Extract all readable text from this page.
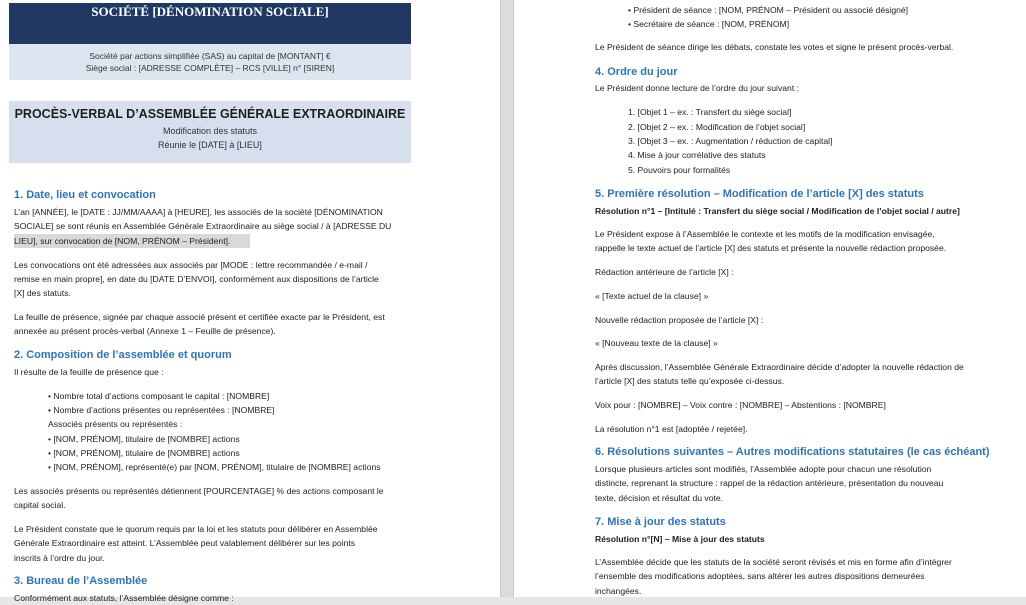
SOCIÉTÉ [DÉNOMINATION SOCIALE]
Société par actions simplifiée (SAS) au capital de [MONTANT] €
Siège social : [ADRESSE COMPLÈTE] – RCS [VILLE] n° [SIREN]
PROCÈS-VERBAL D’ASSEMBLÉE GÉNÉRALE EXTRAORDINAIRE
Modification des statuts
Réunie le [DATE] à [LIEU]
1. Date, lieu et convocation
L’an [ANNÉE], le [DATE : JJ/MM/AAAA] à [HEURE], les associés de la société [DÉNOMINATION
SOCIALE] se sont réunis en Assemblée Générale Extraordinaire au siège social / à [ADRESSE DU
LIEU], sur convocation de [NOM, PRÉNOM – Président].
Les convocations ont été adressées aux associés par [MODE : lettre recommandée / e-mail /
remise en main propre], en date du [DATE D’ENVOI], conformément aux dispositions de l’article
[X] des statuts.
La feuille de présence, signée par chaque associé présent et certifiée exacte par le Président, est
annexée au présent procès-verbal (Annexe 1 – Feuille de présence).
2. Composition de l’assemblée et quorum
Il résulte de la feuille de présence que :
• Nombre total d’actions composant le capital : [NOMBRE]
• Nombre d’actions présentes ou représentées : [NOMBRE]
Associés présents ou représentés :
• [NOM, PRÉNOM], titulaire de [NOMBRE] actions
• [NOM, PRÉNOM], titulaire de [NOMBRE] actions
• [NOM, PRÉNOM], représenté(e) par [NOM, PRÉNOM], titulaire de [NOMBRE] actions
Les associés présents ou représentés détiennent [POURCENTAGE] % des actions composant le
capital social.
Le Président constate que le quorum requis par la loi et les statuts pour délibérer en Assemblée
Générale Extraordinaire est atteint. L’Assemblée peut valablement délibérer sur les points
inscrits à l’ordre du jour.
3. Bureau de l’Assemblée
Conformément aux statuts, l’Assemblée désigne comme :
• Président de séance : [NOM, PRÉNOM – Président ou associé désigné]
• Secrétaire de séance : [NOM, PRÉNOM]
Le Président de séance dirige les débats, constate les votes et signe le présent procès-verbal.
4. Ordre du jour
Le Président donne lecture de l’ordre du jour suivant :
1. [Objet 1 – ex. : Transfert du siège social]
2. [Objet 2 – ex. : Modification de l’objet social]
3. [Objet 3 – ex. : Augmentation / réduction de capital]
4. Mise à jour corrélative des statuts
5. Pouvoirs pour formalités
5. Première résolution – Modification de l’article [X] des statuts
Résolution n°1 – [Intitulé : Transfert du siège social / Modification de l’objet social / autre]
Le Président expose à l’Assemblée le contexte et les motifs de la modification envisagée,
rappelle le texte actuel de l’article [X] des statuts et présente la nouvelle rédaction proposée.
Rédaction antérieure de l’article [X] :
« [Texte actuel de la clause] »
Nouvelle rédaction proposée de l’article [X] :
« [Nouveau texte de la clause] »
Après discussion, l’Assemblée Générale Extraordinaire décide d’adopter la nouvelle rédaction de
l’article [X] des statuts telle qu’exposée ci-dessus.
Voix pour : [NOMBRE] – Voix contre : [NOMBRE] – Abstentions : [NOMBRE]
La résolution n°1 est [adoptée / rejetée].
6. Résolutions suivantes – Autres modifications statutaires (le cas échéant)
Lorsque plusieurs articles sont modifiés, l’Assemblée adopte pour chacun une résolution
distincte, reprenant la structure : rappel de la rédaction antérieure, présentation du nouveau
texte, décision et résultat du vote.
7. Mise à jour des statuts
Résolution n°[N] – Mise à jour des statuts
L’Assemblée décide que les statuts de la société seront révisés et mis en forme afin d’intégrer
l’ensemble des modifications adoptées, sans altérer les autres dispositions demeurées
inchangées.
